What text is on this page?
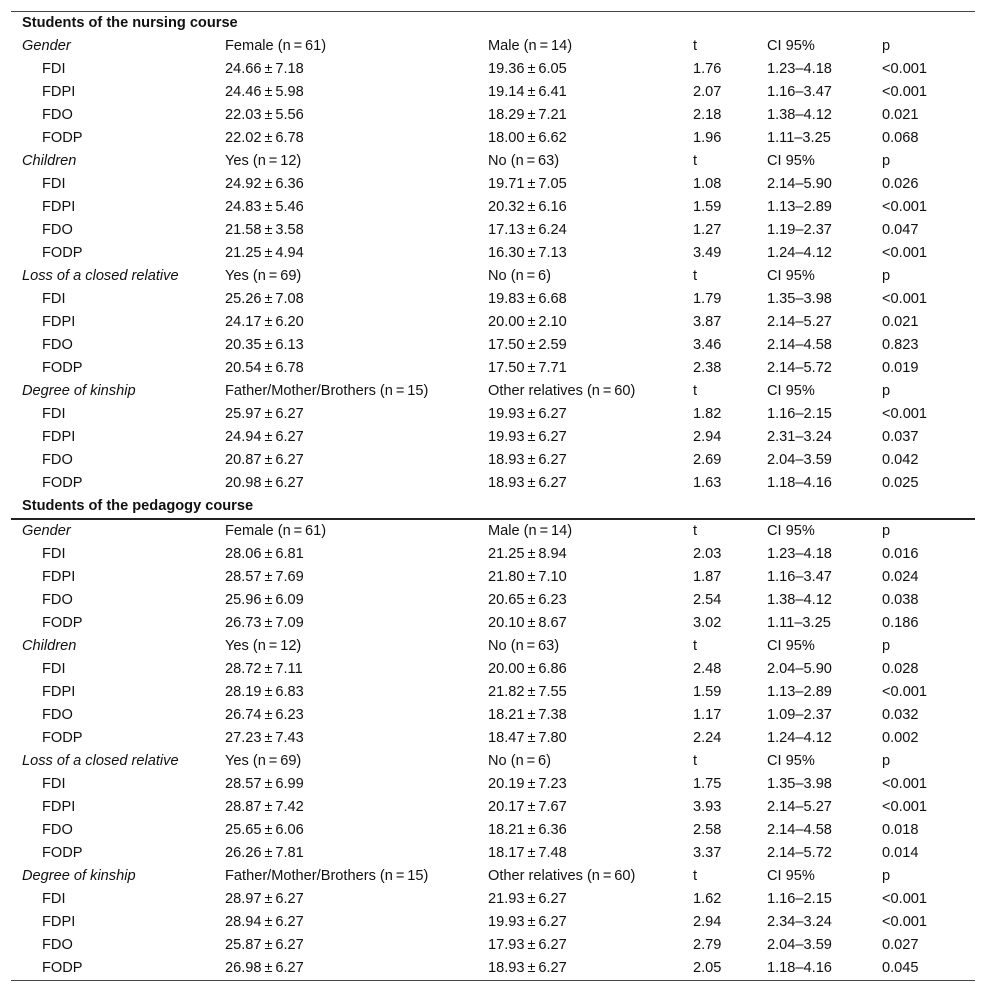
Students of the nursing course					
Gender	Female (n = 61)	Male (n = 14)	t	CI 95%	p
FDI	24.66 ± 7.18	19.36 ± 6.05	1.76	1.23–4.18	<0.001
FDPI	24.46 ± 5.98	19.14 ± 6.41	2.07	1.16–3.47	<0.001
FDO	22.03 ± 5.56	18.29 ± 7.21	2.18	1.38–4.12	0.021
FODP	22.02 ± 6.78	18.00 ± 6.62	1.96	1.11–3.25	0.068
Children	Yes (n = 12)	No (n = 63)	t	CI 95%	p
FDI	24.92 ± 6.36	19.71 ± 7.05	1.08	2.14–5.90	0.026
FDPI	24.83 ± 5.46	20.32 ± 6.16	1.59	1.13–2.89	<0.001
FDO	21.58 ± 3.58	17.13 ± 6.24	1.27	1.19–2.37	0.047
FODP	21.25 ± 4.94	16.30 ± 7.13	3.49	1.24–4.12	<0.001
Loss of a closed relative	Yes (n = 69)	No (n = 6)	t	CI 95%	p
FDI	25.26 ± 7.08	19.83 ± 6.68	1.79	1.35–3.98	<0.001
FDPI	24.17 ± 6.20	20.00 ± 2.10	3.87	2.14–5.27	0.021
FDO	20.35 ± 6.13	17.50 ± 2.59	3.46	2.14–4.58	0.823
FODP	20.54 ± 6.78	17.50 ± 7.71	2.38	2.14–5.72	0.019
Degree of kinship	Father/Mother/Brothers (n = 15)	Other relatives (n = 60)	t	CI 95%	p
FDI	25.97 ± 6.27	19.93 ± 6.27	1.82	1.16–2.15	<0.001
FDPI	24.94 ± 6.27	19.93 ± 6.27	2.94	2.31–3.24	0.037
FDO	20.87 ± 6.27	18.93 ± 6.27	2.69	2.04–3.59	0.042
FODP	20.98 ± 6.27	18.93 ± 6.27	1.63	1.18–4.16	0.025
Students of the pedagogy course					
Gender	Female (n = 61)	Male (n = 14)	t	CI 95%	p
FDI	28.06 ± 6.81	21.25 ± 8.94	2.03	1.23–4.18	0.016
FDPI	28.57 ± 7.69	21.80 ± 7.10	1.87	1.16–3.47	0.024
FDO	25.96 ± 6.09	20.65 ± 6.23	2.54	1.38–4.12	0.038
FODP	26.73 ± 7.09	20.10 ± 8.67	3.02	1.11–3.25	0.186
Children	Yes (n = 12)	No (n = 63)	t	CI 95%	p
FDI	28.72 ± 7.11	20.00 ± 6.86	2.48	2.04–5.90	0.028
FDPI	28.19 ± 6.83	21.82 ± 7.55	1.59	1.13–2.89	<0.001
FDO	26.74 ± 6.23	18.21 ± 7.38	1.17	1.09–2.37	0.032
FODP	27.23 ± 7.43	18.47 ± 7.80	2.24	1.24–4.12	0.002
Loss of a closed relative	Yes (n = 69)	No (n = 6)	t	CI 95%	p
FDI	28.57 ± 6.99	20.19 ± 7.23	1.75	1.35–3.98	<0.001
FDPI	28.87 ± 7.42	20.17 ± 7.67	3.93	2.14–5.27	<0.001
FDO	25.65 ± 6.06	18.21 ± 6.36	2.58	2.14–4.58	0.018
FODP	26.26 ± 7.81	18.17 ± 7.48	3.37	2.14–5.72	0.014
Degree of kinship	Father/Mother/Brothers (n = 15)	Other relatives (n = 60)	t	CI 95%	p
FDI	28.97 ± 6.27	21.93 ± 6.27	1.62	1.16–2.15	<0.001
FDPI	28.94 ± 6.27	19.93 ± 6.27	2.94	2.34–3.24	<0.001
FDO	25.87 ± 6.27	17.93 ± 6.27	2.79	2.04–3.59	0.027
FODP	26.98 ± 6.27	18.93 ± 6.27	2.05	1.18–4.16	0.045
